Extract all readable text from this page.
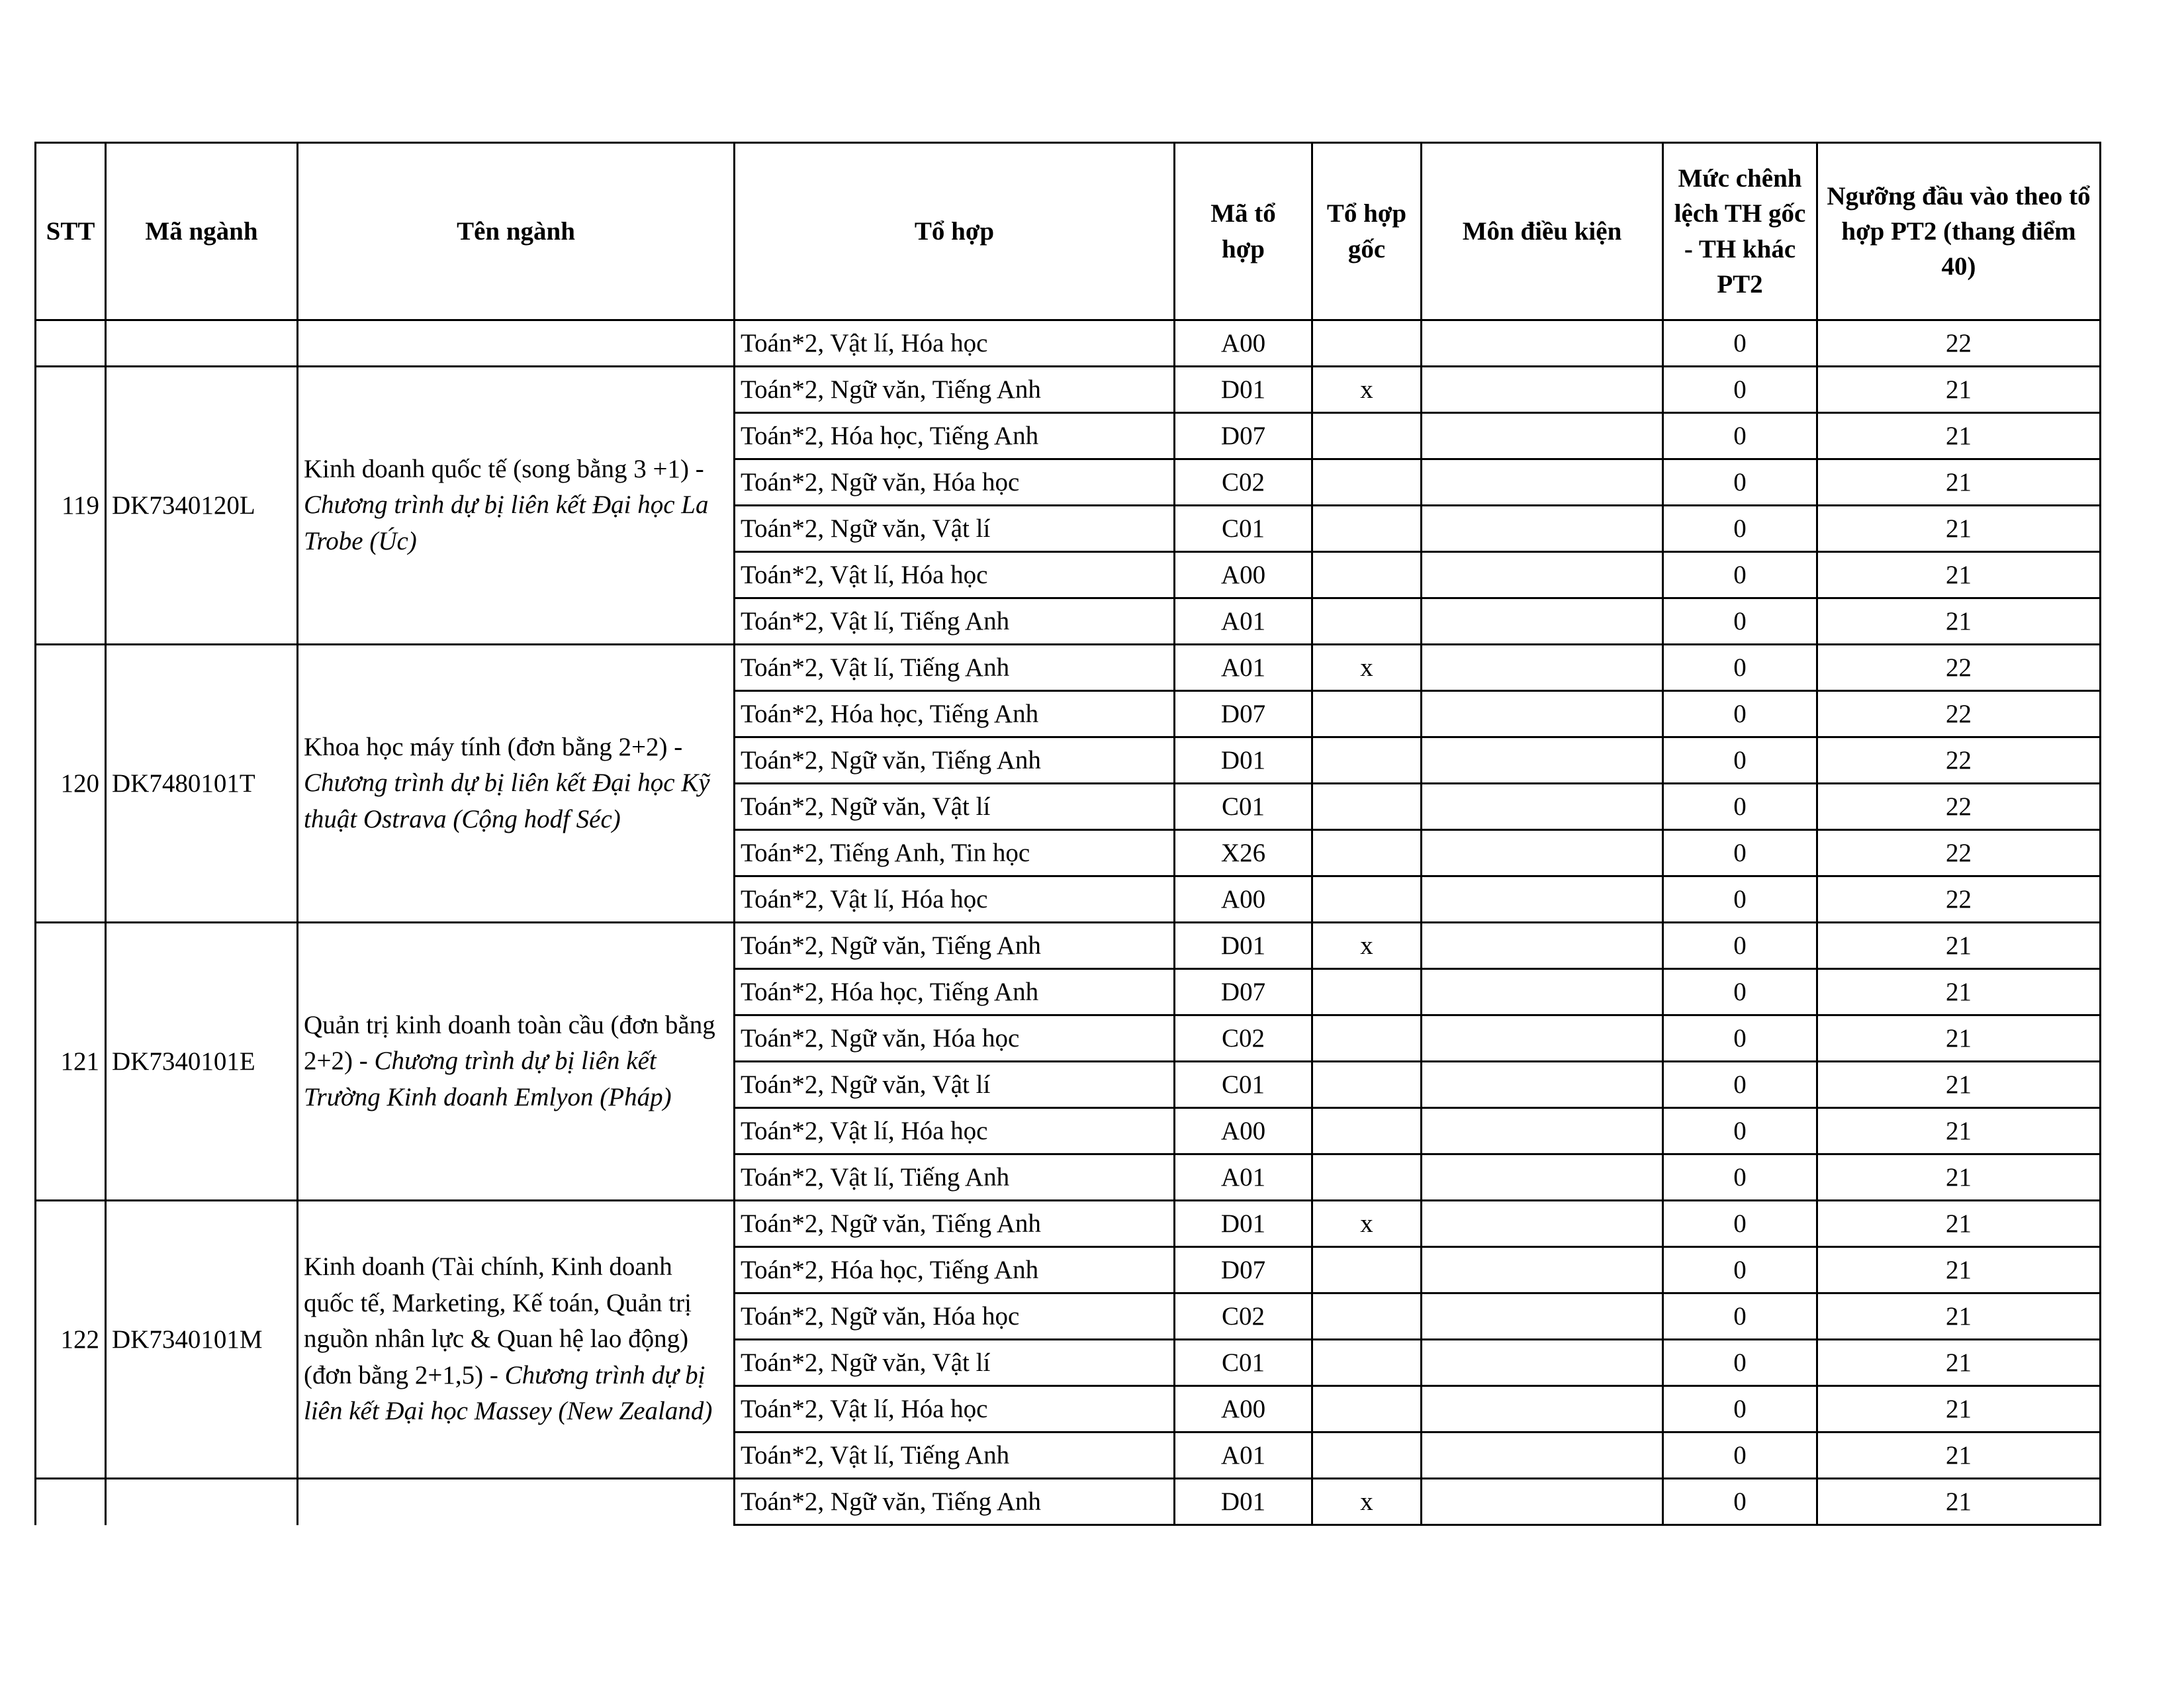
STT	Mã ngành	Tên ngành	Tổ hợp	Mã tổ hợp	Tổ hợp gốc	Môn điều kiện	Mức chênh lệch TH gốc - TH khác PT2	Ngưỡng đầu vào theo tổ hợp PT2 (thang điểm 40)
			Toán*2, Vật lí, Hóa học	A00			0	22
119	DK7340120L	Kinh doanh quốc tế (song bằng 3 +1) - Chương trình dự bị liên kết Đại học La Trobe (Úc)	Toán*2, Ngữ văn, Tiếng Anh	D01	x		0	21
			Toán*2, Hóa học, Tiếng Anh	D07			0	21
			Toán*2, Ngữ văn, Hóa học	C02			0	21
			Toán*2, Ngữ văn, Vật lí	C01			0	21
			Toán*2, Vật lí, Hóa học	A00			0	21
			Toán*2, Vật lí, Tiếng Anh	A01			0	21
120	DK7480101T	Khoa học máy tính (đơn bằng 2+2) - Chương trình dự bị liên kết Đại học Kỹ thuật Ostrava (Cộng hodf Séc)	Toán*2, Vật lí, Tiếng Anh	A01	x		0	22
			Toán*2, Hóa học, Tiếng Anh	D07			0	22
			Toán*2, Ngữ văn, Tiếng Anh	D01			0	22
			Toán*2, Ngữ văn, Vật lí	C01			0	22
			Toán*2, Tiếng Anh, Tin học	X26			0	22
			Toán*2, Vật lí, Hóa học	A00			0	22
121	DK7340101E	Quản trị kinh doanh toàn cầu (đơn bằng 2+2) - Chương trình dự bị liên kết Trường Kinh doanh Emlyon (Pháp)	Toán*2, Ngữ văn, Tiếng Anh	D01	x		0	21
			Toán*2, Hóa học, Tiếng Anh	D07			0	21
			Toán*2, Ngữ văn, Hóa học	C02			0	21
			Toán*2, Ngữ văn, Vật lí	C01			0	21
			Toán*2, Vật lí, Hóa học	A00			0	21
			Toán*2, Vật lí, Tiếng Anh	A01			0	21
122	DK7340101M	Kinh doanh (Tài chính, Kinh doanh quốc tế, Marketing, Kế toán, Quản trị nguồn nhân lực & Quan hệ lao động) (đơn bằng 2+1,5) - Chương trình dự bị liên kết Đại học Massey (New Zealand)	Toán*2, Ngữ văn, Tiếng Anh	D01	x		0	21
			Toán*2, Hóa học, Tiếng Anh	D07			0	21
			Toán*2, Ngữ văn, Hóa học	C02			0	21
			Toán*2, Ngữ văn, Vật lí	C01			0	21
			Toán*2, Vật lí, Hóa học	A00			0	21
			Toán*2, Vật lí, Tiếng Anh	A01			0	21
			Toán*2, Ngữ văn, Tiếng Anh	D01	x		0	21
